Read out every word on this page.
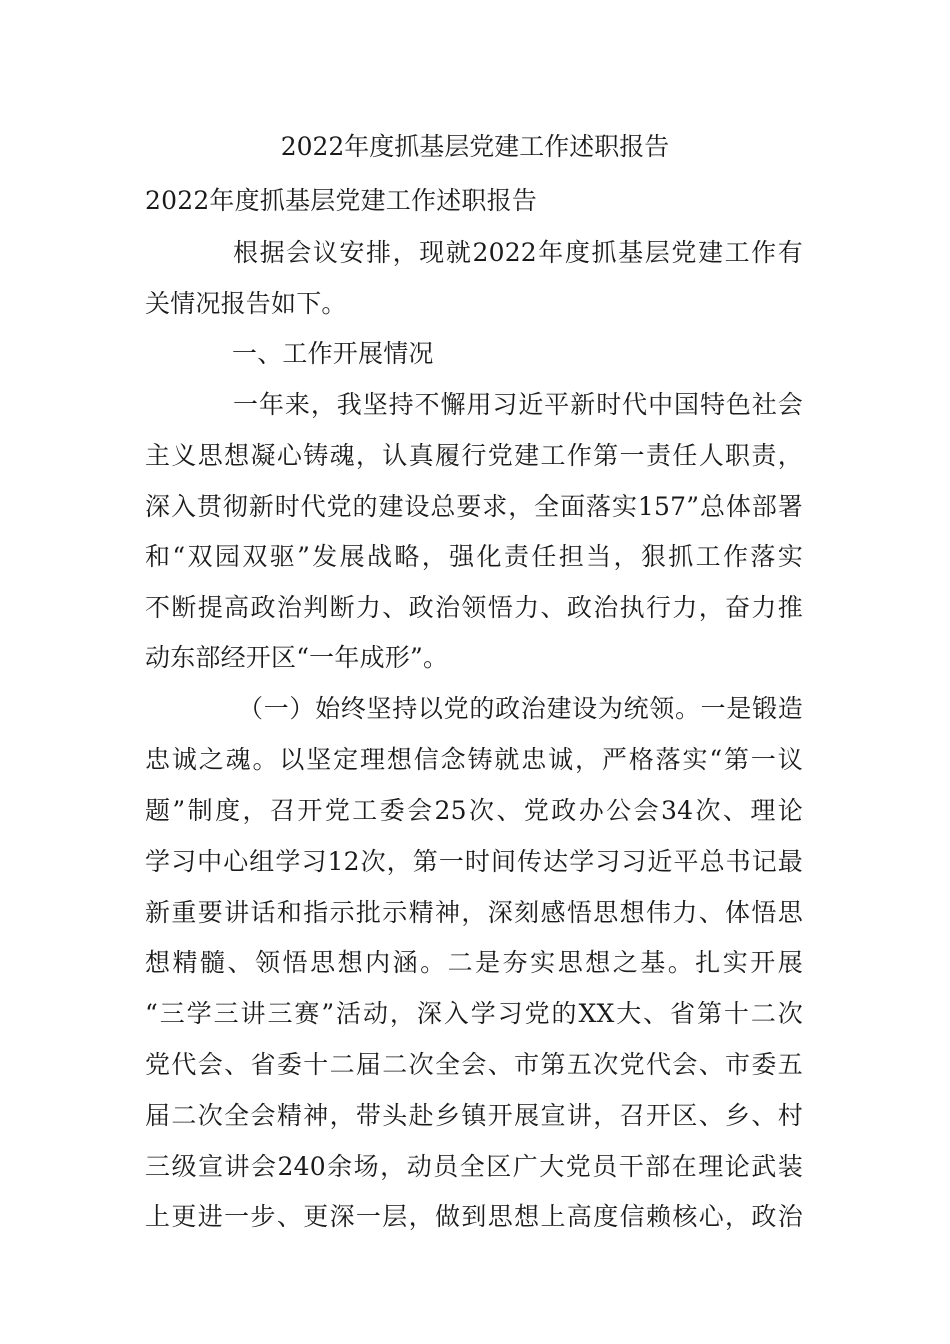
2022年度抓基层党建工作述职报告
2022年度抓基层党建工作述职报告
根据会议安排，现就2022年度抓基层党建工作有
关情况报告如下。
一、工作开展情况
一年来，我坚持不懈用习近平新时代中国特色社会
主义思想凝心铸魂，认真履行党建工作第一责任人职责，
深入贯彻新时代党的建设总要求，全面落实157”总体部署
和“双园双驱”发展战略，强化责任担当，狠抓工作落实
不断提高政治判断力、政治领悟力、政治执行力，奋力推
动东部经开区“一年成形”。
（一）始终坚持以党的政治建设为统领。一是锻造
忠诚之魂。以坚定理想信念铸就忠诚，严格落实“第一议
题”制度，召开党工委会25次、党政办公会34次、理论
学习中心组学习12次，第一时间传达学习习近平总书记最
新重要讲话和指示批示精神，深刻感悟思想伟力、体悟思
想精髓、领悟思想内涵。二是夯实思想之基。扎实开展
“三学三讲三赛”活动，深入学习党的XX大、省第十二次
党代会、省委十二届二次全会、市第五次党代会、市委五
届二次全会精神，带头赴乡镇开展宣讲，召开区、乡、村
三级宣讲会240余场，动员全区广大党员干部在理论武装
上更进一步、更深一层，做到思想上高度信赖核心，政治
